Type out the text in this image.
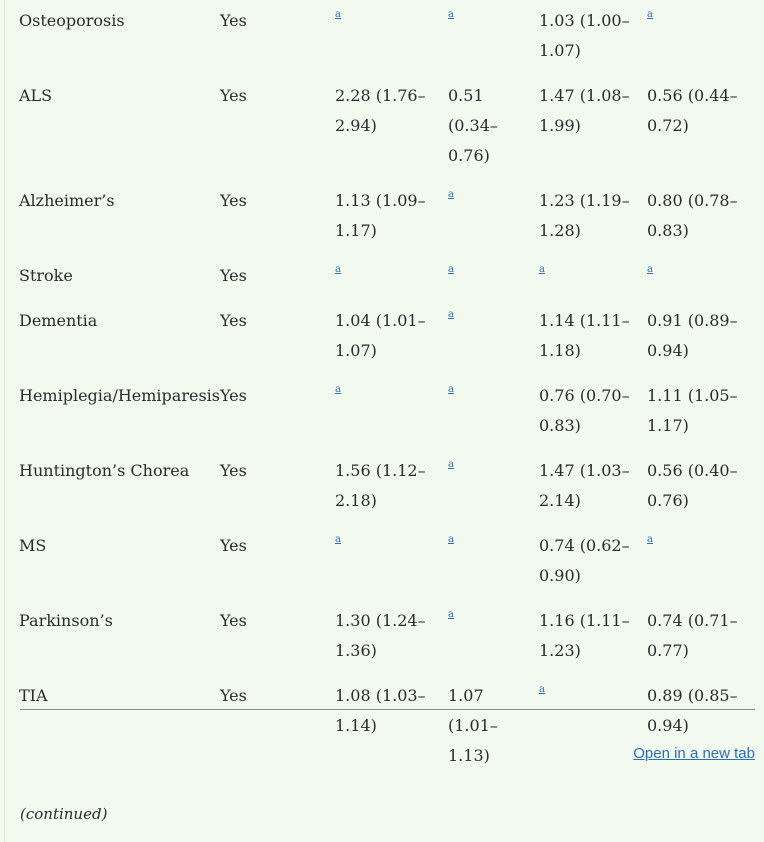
Osteoporosis	Yes	$^a$	$^a$	1.03 (1.00–
1.07)	$^a$
ALS	Yes	2.28 (1.76–
2.94)	0.51
(0.34–
0.76)	1.47 (1.08–
1.99)	0.56 (0.44–
0.72)

Alzheimer’s	Yes	1.13 (1.09–
1.17)	$^a$	1.23 (1.19–
1.28)	0.80 (0.78–
0.83)

Stroke	Yes	$^a$	$^a$	$^a$	$^a$
Dementia	Yes	1.04 (1.01–
1.07)	$^a$	1.14 (1.11–
1.18)	0.91 (0.89–
0.94)

Hemiplegia/Hemiparesis	Yes	$^a$	$^a$	0.76 (0.70–
0.83)	1.11 (1.05–
1.17)

Huntington’s Chorea	Yes	1.56 (1.12–
2.18)	$^a$	1.47 (1.03–
2.14)	0.56 (0.40–
0.76)

MS	Yes	$^a$	$^a$	0.74 (0.62–
0.90)	$^a$
Parkinson’s	Yes	1.30 (1.24–
1.36)	$^a$	1.16 (1.11–
1.23)	0.74 (0.71–
0.77)

TIA	Yes	1.08 (1.03–
1.14)	1.07
(1.01–
1.13)	$^a$	0.89 (0.85–
0.94)
Open in a new tab
(continued)
